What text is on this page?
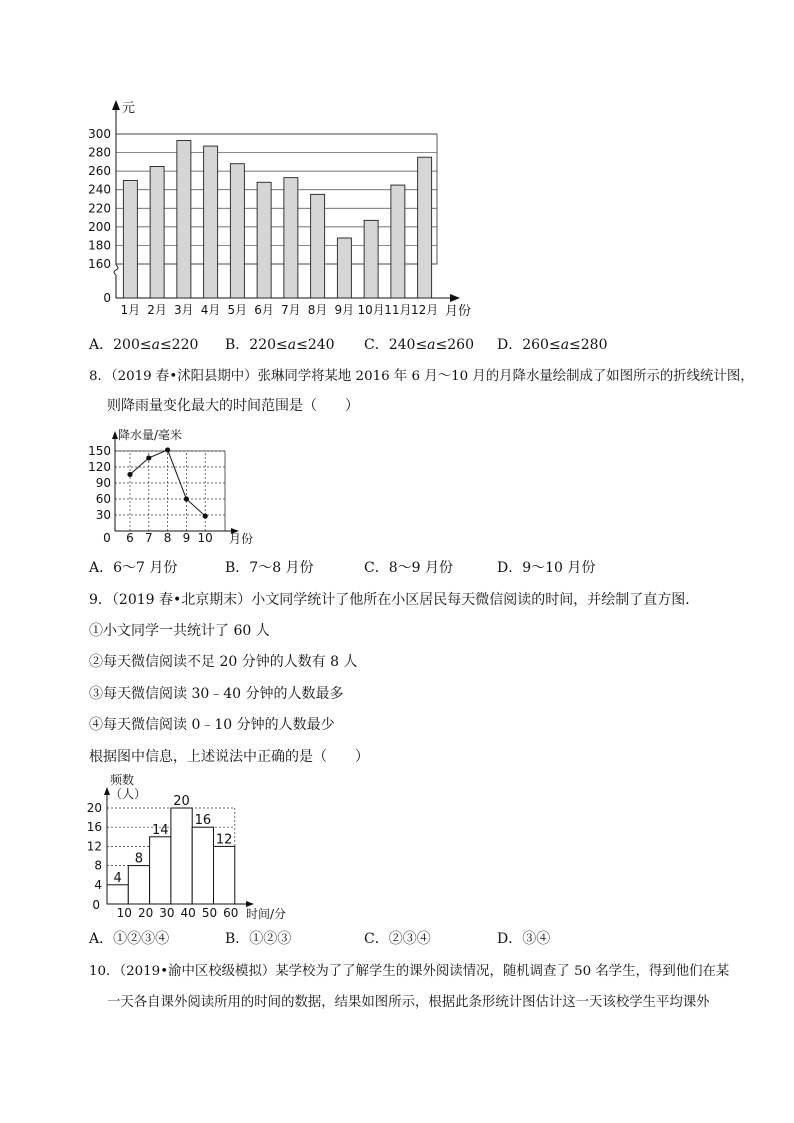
160
180
200
220
240
260
280
300
0
元
月份
1月 2月 3月 4月 5月 6月 7月 8月 9月 10月 11月 12月
A．200≤a≤220 B．220≤a≤240 C．240≤a≤260 D．260≤a≤280
8．（2019 春•沭阳县期中）张琳同学将某地 2016 年 6 月～10 月的月降水量绘制成了如图所示的折线统计图，
则降雨量变化最大的时间范围是（　　）
降水量/毫米
月份
30
60
90
120
150
0 6 7 8 9 10
A．6～7 月份	B．7～8 月份	C．8～9 月份	D．9～10 月份
9．（2019 春•北京期末）小文同学统计了他所在小区居民每天微信阅读的时间，并绘制了直方图．
①小文同学一共统计了 60 人
②每天微信阅读不足 20 分钟的人数有 8 人
③每天微信阅读 30﹣40 分钟的人数最多
④每天微信阅读 0﹣10 分钟的人数最少
根据图中信息，上述说法中正确的是（　　）
4
8
14
20
16
12
频数
（人）
时间/分
0
4
8
12
16
20
10 20 30 40 50 60
A．①②③④	B．①②③	C．②③④	D．③④
10．（2019•渝中区校级模拟）某学校为了了解学生的课外阅读情况，随机调查了 50 名学生，得到他们在某
一天各自课外阅读所用的时间的数据，结果如图所示，根据此条形统计图估计这一天该校学生平均课外
